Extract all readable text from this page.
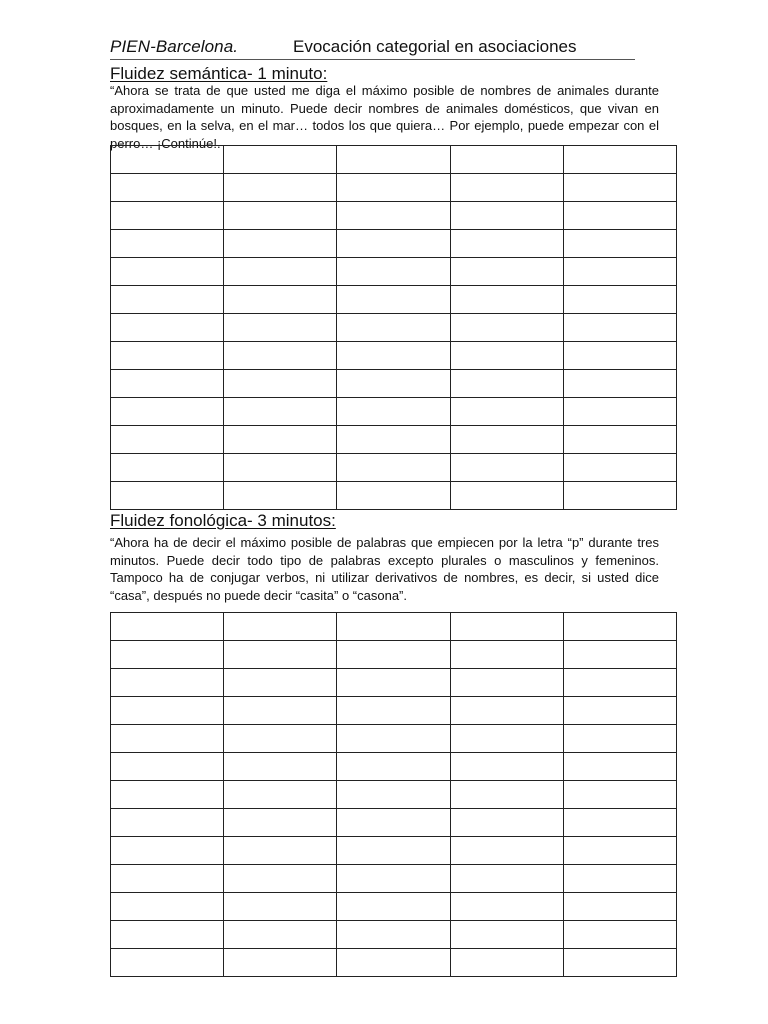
PIEN-Barcelona.	Evocación categorial en asociaciones
Fluidez semántica- 1 minuto:

“Ahora se trata de que usted me diga el máximo posible de nombres de animales durante aproximadamente un minuto. Puede decir nombres de animales domésticos, que vivan en bosques, en la selva, en el mar… todos los que quiera… Por ejemplo, puede empezar con el perro… ¡Continúe!.

Fluidez fonológica- 3 minutos:

“Ahora ha de decir el máximo posible de palabras que empiecen por la letra “p” durante tres minutos. Puede decir todo tipo de palabras excepto plurales o masculinos y femeninos. Tampoco ha de conjugar verbos, ni utilizar derivativos de nombres, es decir, si usted dice “casa”, después no puede decir “casita” o “casona”.
